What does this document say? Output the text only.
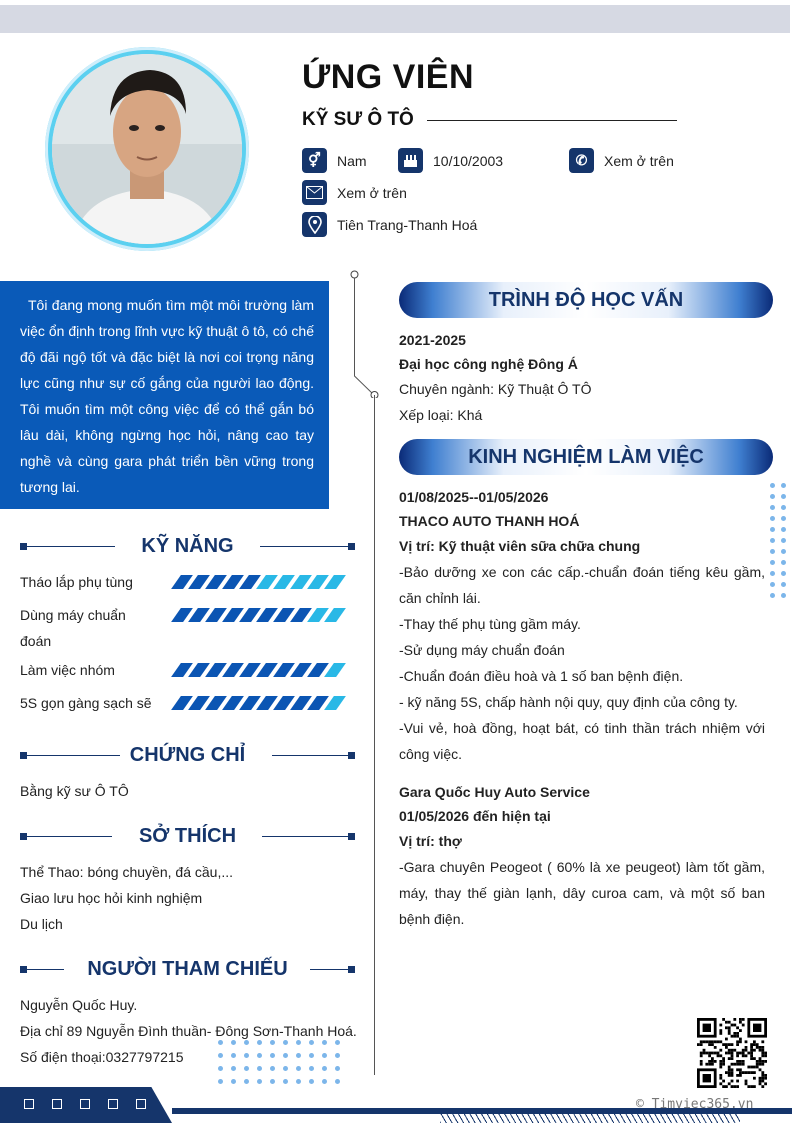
ỨNG VIÊN
KỸ SƯ Ô TÔ
⚥	Nam	10/10/2003	✆	Xem ở trên
Xem ở trên
Tiên Trang-Thanh Hoá
Tôi đang mong muốn tìm một môi trường làm việc ổn định trong lĩnh vực kỹ thuật ô tô, có chế độ đãi ngộ tốt và đặc biệt là nơi coi trọng năng lực cũng như sự cố gắng của người lao động. Tôi muốn tìm một công việc để có thể gắn bó lâu dài, không ngừng học hỏi, nâng cao tay nghề và cùng gara phát triển bền vững trong tương lai.
KỸ NĂNG
Tháo lắp phụ tùng
Dùng máy chuẩn đoán
Làm việc nhóm
5S gọn gàng sạch sẽ
CHỨNG CHỈ
Bằng kỹ sư Ô TÔ
SỞ THÍCH
Thể Thao: bóng chuyền, đá cầu,...
Giao lưu học hỏi kinh nghiệm
Du lịch
NGƯỜI THAM CHIẾU
Nguyễn Quốc Huy.
Địa chỉ 89 Nguyễn Đình thuần- Đông Sơn-Thanh Hoá.
Số điện thoại:0327797215
TRÌNH ĐỘ HỌC VẤN
2021-2025
Đại học công nghệ Đông Á
Chuyên ngành: Kỹ Thuật Ô TÔ
Xếp loại: Khá
KINH NGHIỆM LÀM VIỆC
01/08/2025--01/05/2026
THACO AUTO THANH HOÁ
Vị trí: Kỹ thuật viên sữa chữa chung
-Bảo dưỡng xe con các cấp.-chuẩn đoán tiếng kêu gầm, căn chỉnh lái.
-Thay thế phụ tùng gầm máy.
-Sử dụng máy chuẩn đoán
-Chuẩn đoán điều hoà và 1 số ban bệnh điện.
- kỹ năng 5S, chấp hành nội quy, quy định của công ty.
-Vui vẻ, hoà đồng, hoạt bát, có tinh thần trách nhiệm với công việc.
Gara Quốc Huy Auto Service
01/05/2026 đến hiện tại
Vị trí: thợ
-Gara chuyên Peogeot ( 60% là xe peugeot) làm tốt gầm, máy, thay thế giàn lạnh, dây curoa cam, và một số ban bệnh điện.
© Timviec365.vn
